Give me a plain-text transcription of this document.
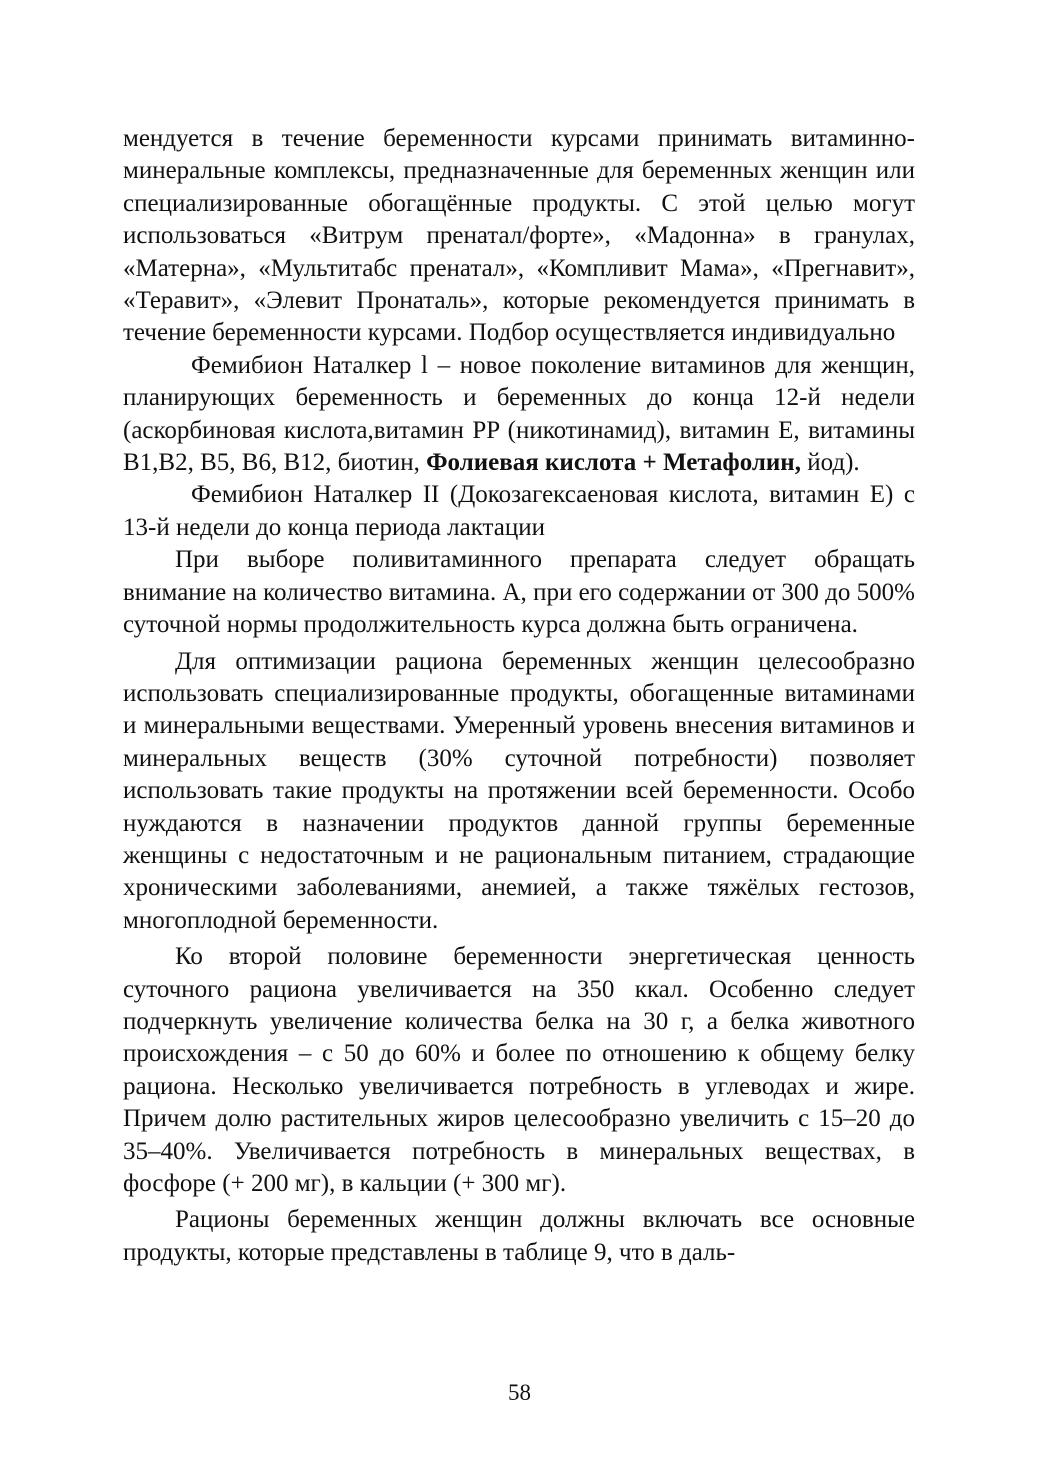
мендуется в течение беременности курсами принимать витаминно-минеральные комплексы, предназначенные для беременных женщин или специализированные обогащённые продукты. С этой целью могут использоваться «Витрум пренатал/форте», «Мадонна» в гранулах, «Матерна», «Мультитабс пренатал», «Компливит Мама», «Прегнавит», «Теравит», «Элевит Пронаталь», которые рекомендуется принимать в течение беременности курсами. Подбор осуществляется индивидуально

Фемибион Наталкер l – новое поколение витаминов для женщин, планирующих беременность и беременных до конца 12-й недели (аскорбиновая кислота,витамин PP (никотинамид), витамин E, витамины B1,B2, B5, B6, B12, биотин, Фолиевая кислота + Метафолин, йод).

Фемибион Наталкер II (Докозагексаеновая кислота, витамин E) с 13-й недели до конца периода лактации

При выборе поливитаминного препарата следует обращать внимание на количество витамина. А, при его содержании от 300 до 500% суточной нормы продолжительность курса должна быть ограничена.

Для оптимизации рациона беременных женщин целесообразно использовать специализированные продукты, обогащенные витаминами и минеральными веществами. Умеренный уровень внесения витаминов и минеральных веществ (30% суточной потребности) позволяет использовать такие продукты на протяжении всей беременности. Особо нуждаются в назначении продуктов данной группы беременные женщины с недостаточным и не рациональным питанием, страдающие хроническими заболеваниями, анемией, а также тяжёлых гестозов, многоплодной беременности.

Ко второй половине беременности энергетическая ценность суточного рациона увеличивается на 350 ккал. Особенно следует подчеркнуть увеличение количества белка на 30 г, а белка животного происхождения – с 50 до 60% и более по отношению к общему белку рациона. Несколько увеличивается потребность в углеводах и жире. Причем долю растительных жиров целесообразно увеличить с 15–20 до 35–40%. Увеличивается потребность в минеральных веществах, в фосфоре (+ 200 мг), в кальции (+ 300 мг).

Рационы беременных женщин должны включать все основные продукты, которые представлены в таблице 9, что в даль-

58
